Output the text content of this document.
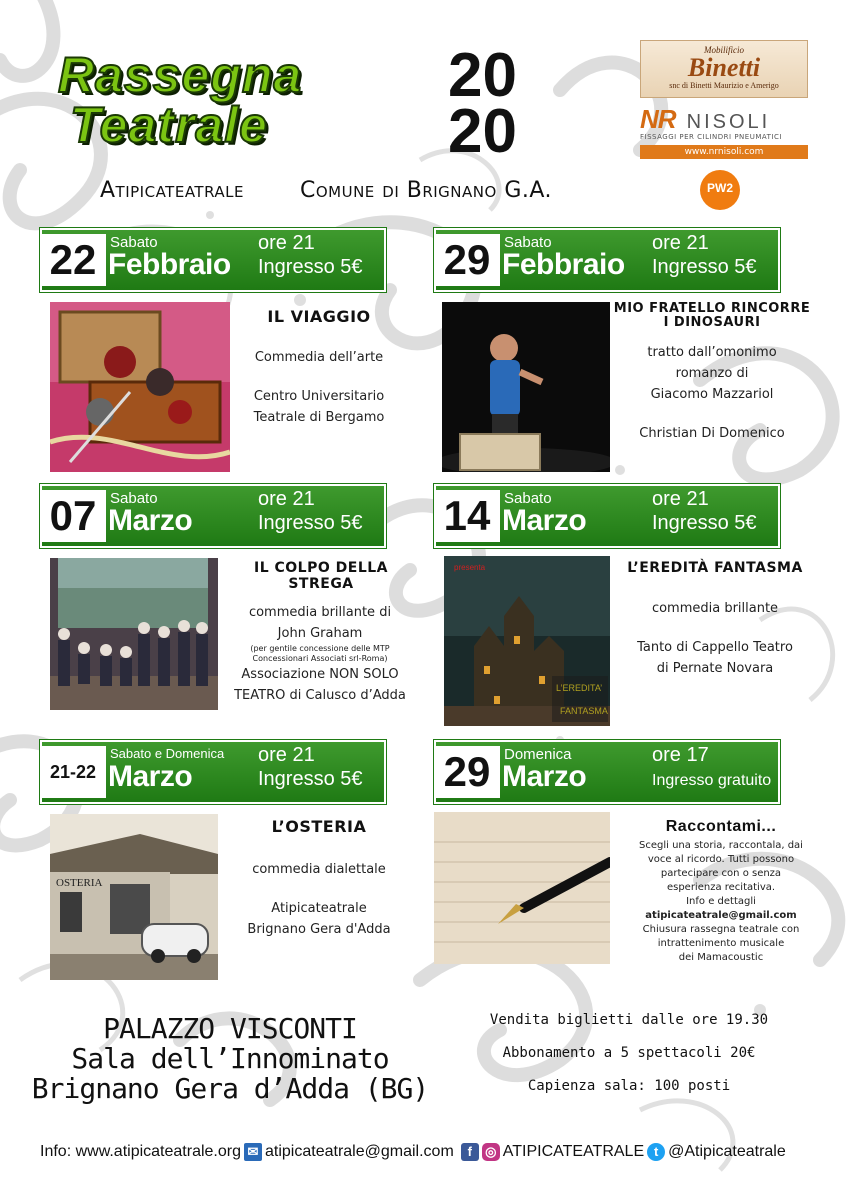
Rassegna
Teatrale
20
20
Atipicateatrale	Comune di Brignano G.A.
Mobilificio
Binetti
snc di Binetti Maurizio e Amerigo
NR NISOLI
FISSAGGI PER CILINDRI PNEUMATICI
www.nrnisoli.com
PW2
22 Sabato
Febbraio
ore 21
Ingresso 5€
IL VIAGGIO

Commedia dell’arte

Centro Universitario

Teatrale di Bergamo

29 Sabato
Febbraio
ore 21
Ingresso 5€
MIO FRATELLO RINCORRE I DINOSAURI

tratto dall’omonimo

romanzo di

Giacomo Mazzariol

Christian Di Domenico

07 Sabato
Marzo
ore 21
Ingresso 5€
IL COLPO DELLA STREGA

commedia brillante di

John Graham

(per gentile concessione delle MTP

Concessionari Associati srl-Roma)

Associazione NON SOLO

TEATRO di Calusco d’Adda

14 Sabato
Marzo
ore 21
Ingresso 5€
presenta
L’EREDITA’
FANTASMA
L’EREDITÀ FANTASMA

commedia brillante

Tanto di Cappello Teatro

di Pernate Novara

21-22
Sabato e Domenica
Marzo
ore 21
Ingresso 5€
OSTERIA
L’OSTERIA

commedia dialettale

Atipicateatrale

Brignano Gera d'Adda

29 Domenica
Marzo
ore 17
Ingresso gratuito
Raccontami...

Scegli una storia, raccontala, dai

voce al ricordo. Tutti possono

partecipare con o senza

esperienza recitativa.

Info e dettagli

atipicateatrale@gmail.com

Chiusura rassegna teatrale con

intrattenimento musicale

dei Mamacoustic

PALAZZO VISCONTI
Sala dell’Innominato
Brignano Gera d’Adda (BG)
Vendita biglietti dalle ore 19.30
Abbonamento a 5 spettacoli 20€
Capienza sala: 100 posti
Info: www.atipicateatrale.org ✉ atipicateatrale@gmail.com	f	◎ ATIPICATEATRALE t @Atipicateatrale
